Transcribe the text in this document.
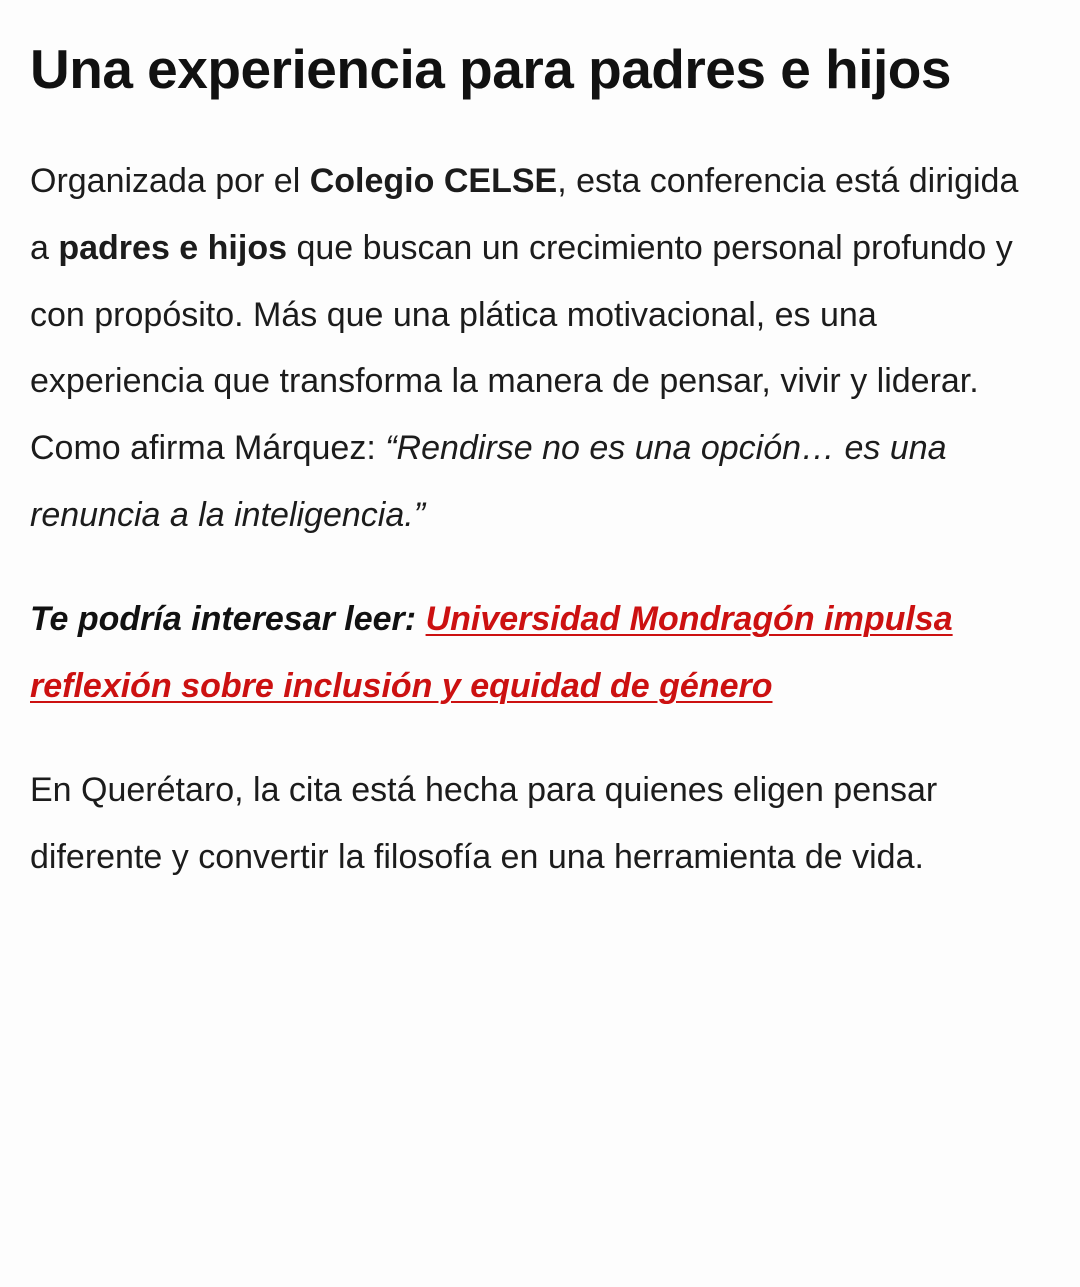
Una experiencia para padres e hijos

Organizada por el Colegio CELSE, esta conferencia está dirigida a padres e hijos que buscan un crecimiento personal profundo y con propósito. Más que una plática motivacional, es una experiencia que transforma la manera de pensar, vivir y liderar. Como afirma Márquez: “Rendirse no es una opción… es una renuncia a la inteligencia.”

Te podría interesar leer: Universidad Mondragón impulsa reflexión sobre inclusión y equidad de género

En Querétaro, la cita está hecha para quienes eligen pensar diferente y convertir la filosofía en una herramienta de vida.
